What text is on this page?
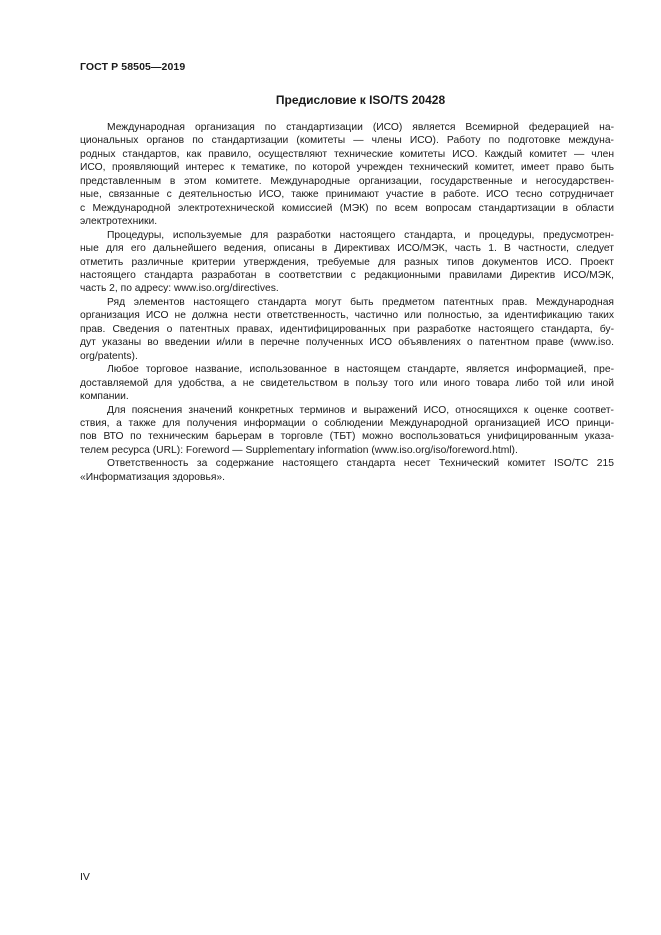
ГОСТ Р 58505—2019
Предисловие к ISO/TS 20428
Международная организация по стандартизации (ИСО) является Всемирной федерацией на-
циональных органов по стандартизации (комитеты — члены ИСО). Работу по подготовке междуна-
родных стандартов, как правило, осуществляют технические комитеты ИСО. Каждый комитет — член
ИСО, проявляющий интерес к тематике, по которой учрежден технический комитет, имеет право быть
представленным в этом комитете. Международные организации, государственные и негосударствен-
ные, связанные с деятельностью ИСО, также принимают участие в работе. ИСО тесно сотрудничает
с Международной электротехнической комиссией (МЭК) по всем вопросам стандартизации в области
электротехники.
Процедуры, используемые для разработки настоящего стандарта, и процедуры, предусмотрен-
ные для его дальнейшего ведения, описаны в Директивах ИСО/МЭК, часть 1. В частности, следует
отметить различные критерии утверждения, требуемые для разных типов документов ИСО. Проект
настоящего стандарта разработан в соответствии с редакционными правилами Директив ИСО/МЭК,
часть 2, по адресу: www.iso.org/directives.
Ряд элементов настоящего стандарта могут быть предметом патентных прав. Международная
организация ИСО не должна нести ответственность, частично или полностью, за идентификацию таких
прав. Сведения о патентных правах, идентифицированных при разработке настоящего стандарта, бу-
дут указаны во введении и/или в перечне полученных ИСО объявлениях о патентном праве (www.iso.
org/patents).
Любое торговое название, использованное в настоящем стандарте, является информацией, пре-
доставляемой для удобства, а не свидетельством в пользу того или иного товара либо той или иной
компании.
Для пояснения значений конкретных терминов и выражений ИСО, относящихся к оценке соответ-
ствия, а также для получения информации о соблюдении Международной организацией ИСО принци-
пов ВТО по техническим барьерам в торговле (ТБТ) можно воспользоваться унифицированным указа-
телем ресурса (URL): Foreword — Supplementary information (www.iso.org/iso/foreword.html).
Ответственность за содержание настоящего стандарта несет Технический комитет ISO/TC 215
«Информатизация здоровья».
IV
